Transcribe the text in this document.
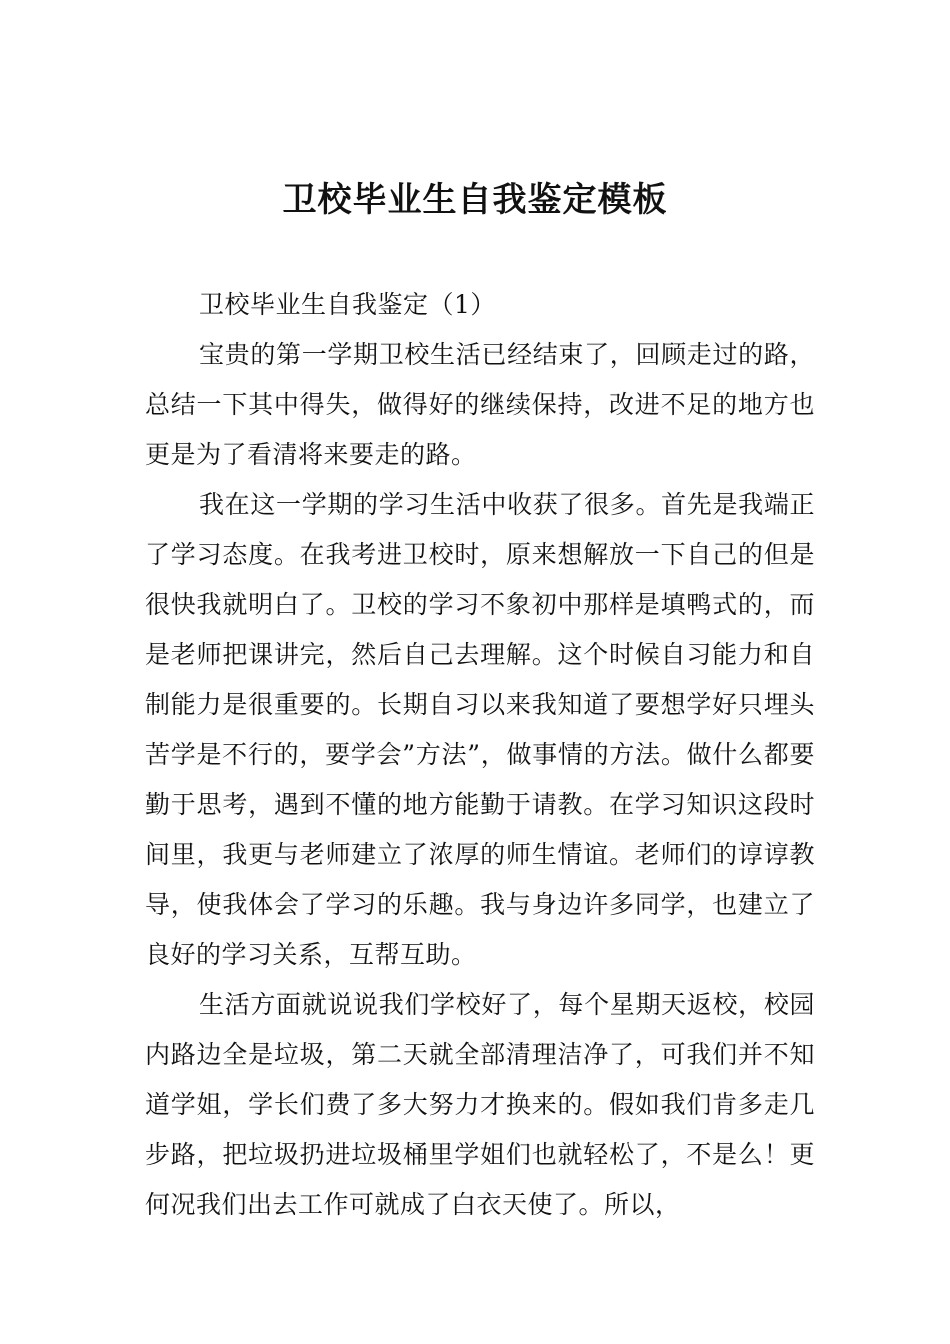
卫校毕业生自我鉴定模板

卫校毕业生自我鉴定（1）

宝贵的第一学期卫校生活已经结束了，回顾走过的路，总结一下其中得失，做得好的继续保持，改进不足的地方也更是为了看清将来要走的路。

我在这一学期的学习生活中收获了很多。首先是我端正了学习态度。在我考进卫校时，原来想解放一下自己的但是很快我就明白了。卫校的学习不象初中那样是填鸭式的，而是老师把课讲完，然后自己去理解。这个时候自习能力和自制能力是很重要的。长期自习以来我知道了要想学好只埋头苦学是不行的，要学会”方法”，做事情的方法。做什么都要勤于思考，遇到不懂的地方能勤于请教。在学习知识这段时间里，我更与老师建立了浓厚的师生情谊。老师们的谆谆教导，使我体会了学习的乐趣。我与身边许多同学，也建立了良好的学习关系，互帮互助。

生活方面就说说我们学校好了，每个星期天返校，校园内路边全是垃圾，第二天就全部清理洁净了，可我们并不知道学姐，学长们费了多大努力才换来的。假如我们肯多走几步路，把垃圾扔进垃圾桶里学姐们也就轻松了，不是么！更何况我们出去工作可就成了白衣天使了。所以，
